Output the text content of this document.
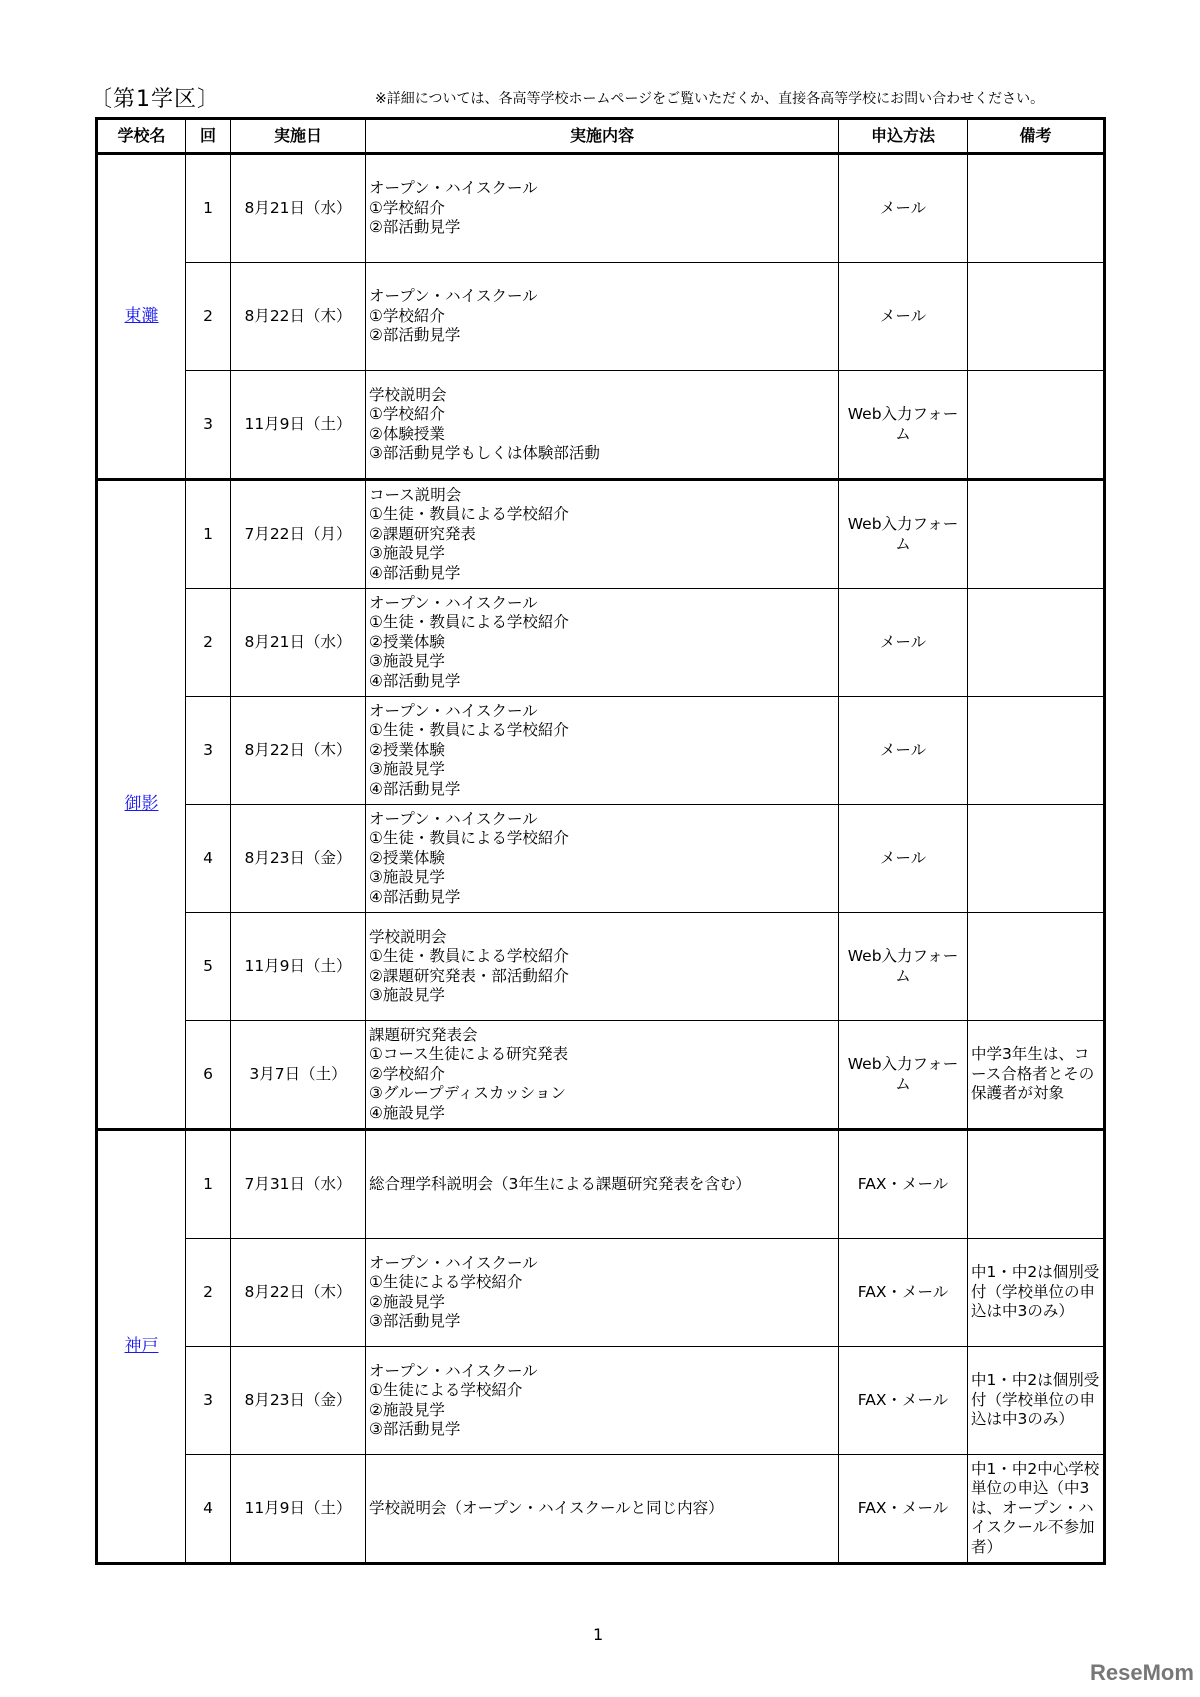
〔第1学区〕	※詳細については、各高等学校ホームページをご覧いただくか、直接各高等学校にお問い合わせください。
学校名	回	実施日	実施内容	申込方法	備考
東灘	1	8月21日（水）	オープン・ハイスクール
①学校紹介
②部活動見学	メール	

	2	8月22日（木）	オープン・ハイスクール
①学校紹介
②部活動見学	メール	

	3	11月9日（土）	学校説明会
①学校紹介
②体験授業
③部活動見学もしくは体験部活動	Web入力フォーム	

御影	1	7月22日（月）	コース説明会
①生徒・教員による学校紹介
②課題研究発表
③施設見学
④部活動見学	Web入力フォーム	

	2	8月21日（水）	オープン・ハイスクール
①生徒・教員による学校紹介
②授業体験
③施設見学
④部活動見学	メール	

	3	8月22日（木）	オープン・ハイスクール
①生徒・教員による学校紹介
②授業体験
③施設見学
④部活動見学	メール	

	4	8月23日（金）	オープン・ハイスクール
①生徒・教員による学校紹介
②授業体験
③施設見学
④部活動見学	メール	

	5	11月9日（土）	学校説明会
①生徒・教員による学校紹介
②課題研究発表・部活動紹介
③施設見学	Web入力フォーム	

	6	3月7日（土）	課題研究発表会
①コース生徒による研究発表
②学校紹介
③グループディスカッション
④施設見学	Web入力フォーム	中学3年生は、コース合格者とその保護者が対象

神戸	1	7月31日（水）	総合理学科説明会（3年生による課題研究発表を含む）	FAX・メール	

	2	8月22日（木）	オープン・ハイスクール
①生徒による学校紹介
②施設見学
③部活動見学	FAX・メール	中1・中2は個別受付（学校単位の申込は中3のみ）

	3	8月23日（金）	オープン・ハイスクール
①生徒による学校紹介
②施設見学
③部活動見学	FAX・メール	中1・中2は個別受付（学校単位の申込は中3のみ）

	4	11月9日（土）	学校説明会（オープン・ハイスクールと同じ内容）	FAX・メール	中1・中2中心学校単位の申込（中3は、オープン・ハイスクール不参加者）
1
ReseMom
